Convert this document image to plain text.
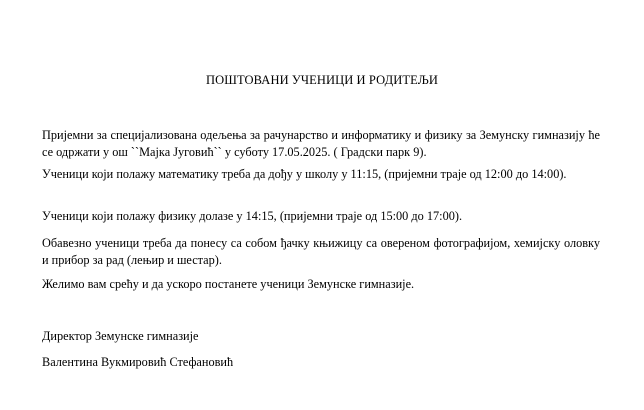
ПОШТОВАНИ УЧЕНИЦИ И РОДИТЕЉИ

Пријемни за специјализована одељења за рачунарство и информатику и физику за Земунску гимназију ће се одржати у ош ``Мајка Југовић`` у суботу 17.05.2025. ( Градски парк 9).

Ученици који полажу математику треба да дођу у школу у 11:15, (пријемни траје од 12:00 до 14:00).

Ученици који полажу физику долазе у 14:15, (пријемни траје од 15:00 до 17:00).

Обавезно ученици треба да понесу са собом ђачку књижицу са овереном фотографијом, хемијску оловку и прибор за рад (лењир и шестар).

Желимо вам срећу и да ускоро постанете ученици Земунске гимназије.

Директор Земунске гимназије

Валентина Вукмировић Стефановић
